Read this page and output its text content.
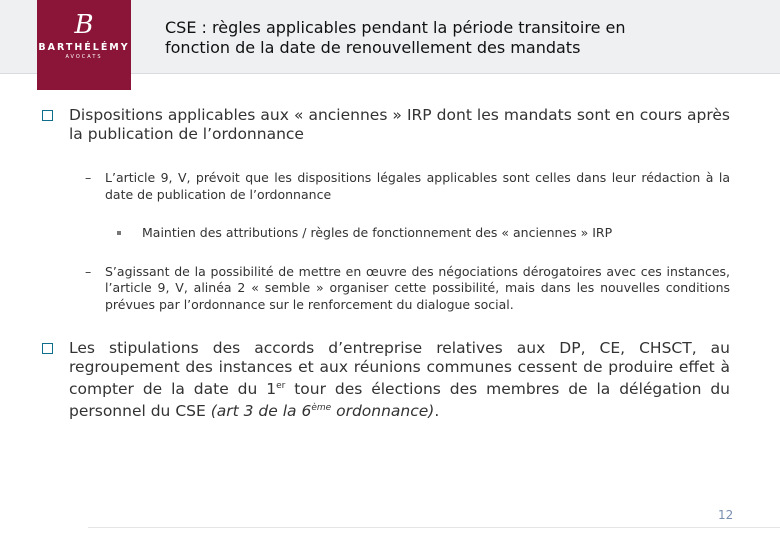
B
BARTHÉLÉMY
AVOCATS
CSE : règles applicables pendant la période transitoire en
fonction de la date de renouvellement des mandats
Dispositions applicables aux « anciennes » IRP dont les mandats sont en cours après la publication de l’ordonnance
– L’article 9, V, prévoit que les dispositions légales applicables sont celles dans leur rédaction à la date de publication de l’ordonnance
Maintien des attributions / règles de fonctionnement des « anciennes » IRP
– S’agissant de la possibilité de mettre en œuvre des négociations dérogatoires avec ces instances, l’article 9, V, alinéa 2 « semble » organiser cette possibilité, mais dans les nouvelles conditions prévues par l’ordonnance sur le renforcement du dialogue social.
Les stipulations des accords d’entreprise relatives aux DP, CE, CHSCT, au regroupement des instances et aux réunions communes cessent de produire effet à compter de la date du 1er tour des élections des membres de la délégation du personnel du CSE (art 3 de la 6ème ordonnance).
12
